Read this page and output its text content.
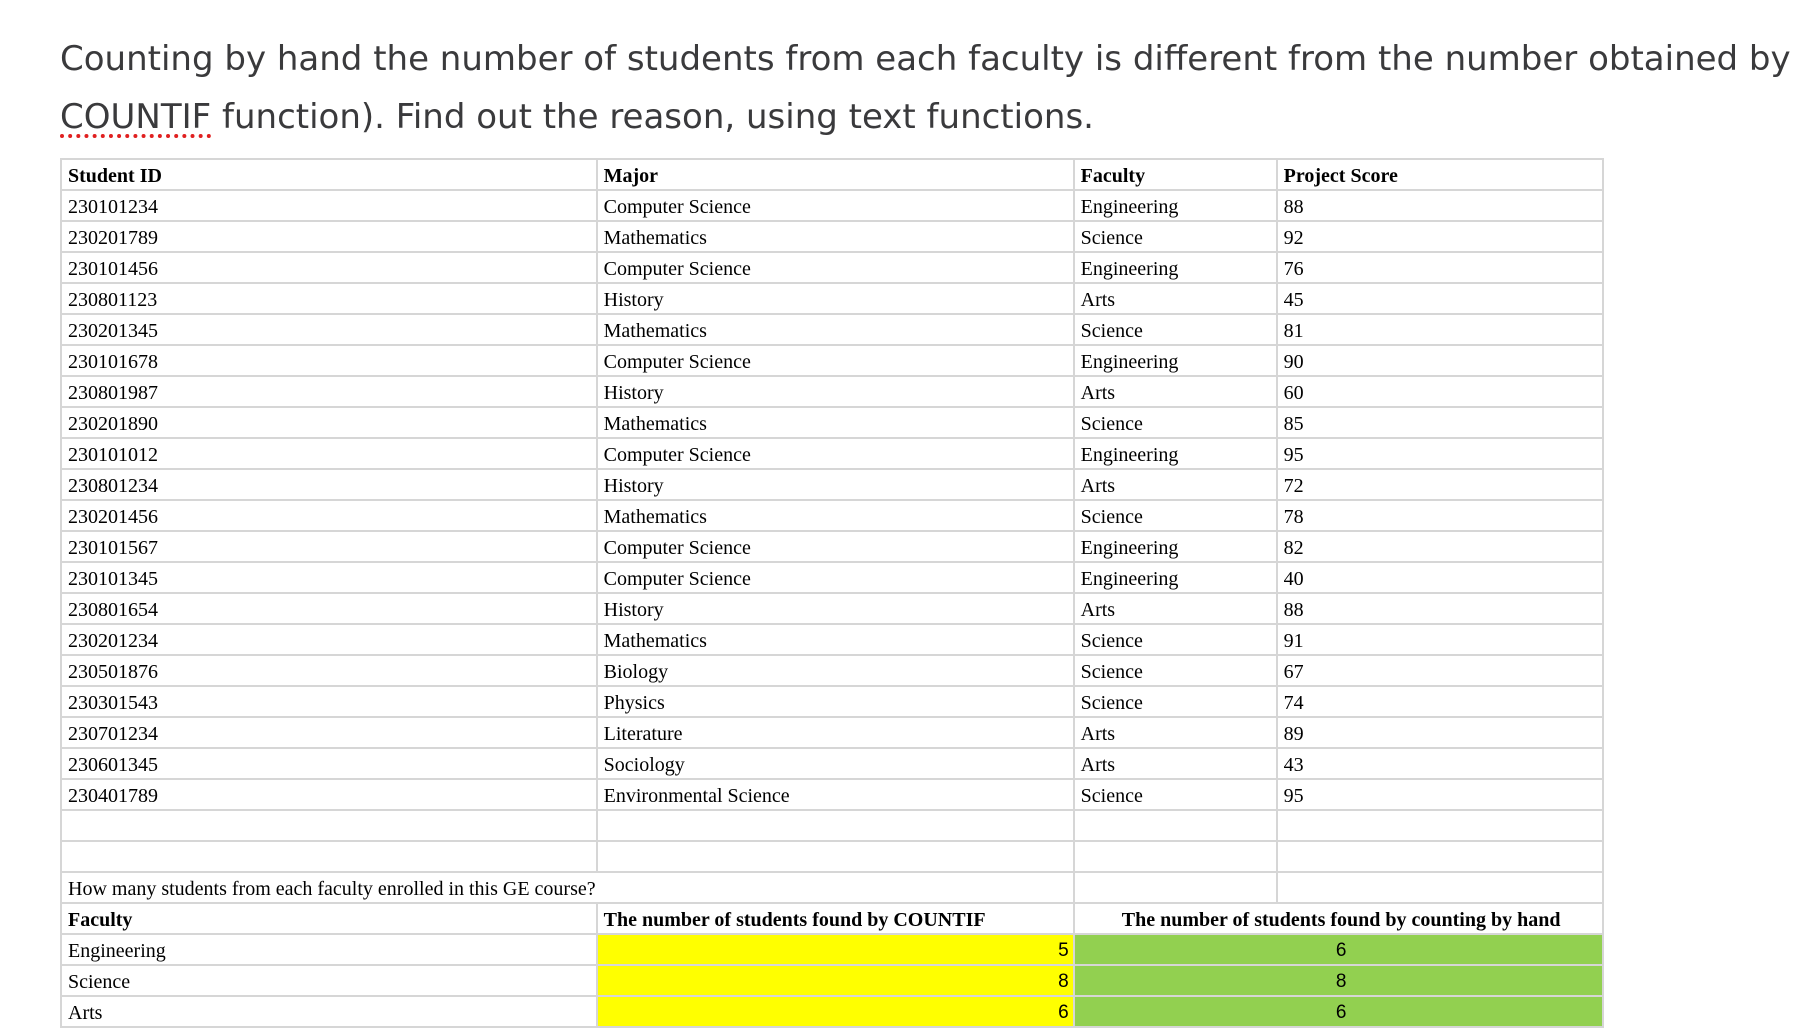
Counting by hand the number of students from each faculty is different from the number obtained by
COUNTIF function). Find out the reason, using text functions.
Student ID	Major	Faculty	Project Score
230101234	Computer Science	Engineering	88
230201789	Mathematics	Science	92
230101456	Computer Science	Engineering	76
230801123	History	Arts	45
230201345	Mathematics	Science	81
230101678	Computer Science	Engineering	90
230801987	History	Arts	60
230201890	Mathematics	Science	85
230101012	Computer Science	Engineering	95
230801234	History	Arts	72
230201456	Mathematics	Science	78
230101567	Computer Science	Engineering	82
230101345	Computer Science	Engineering	40
230801654	History	Arts	88
230201234	Mathematics	Science	91
230501876	Biology	Science	67
230301543	Physics	Science	74
230701234	Literature	Arts	89
230601345	Sociology	Arts	43
230401789	Environmental Science	Science	95

How many students from each faculty enrolled in this GE course?			
Faculty	The number of students found by COUNTIF	The number of students found by counting by hand	
Engineering	5	6	
Science	8	8	
Arts	6	6	
